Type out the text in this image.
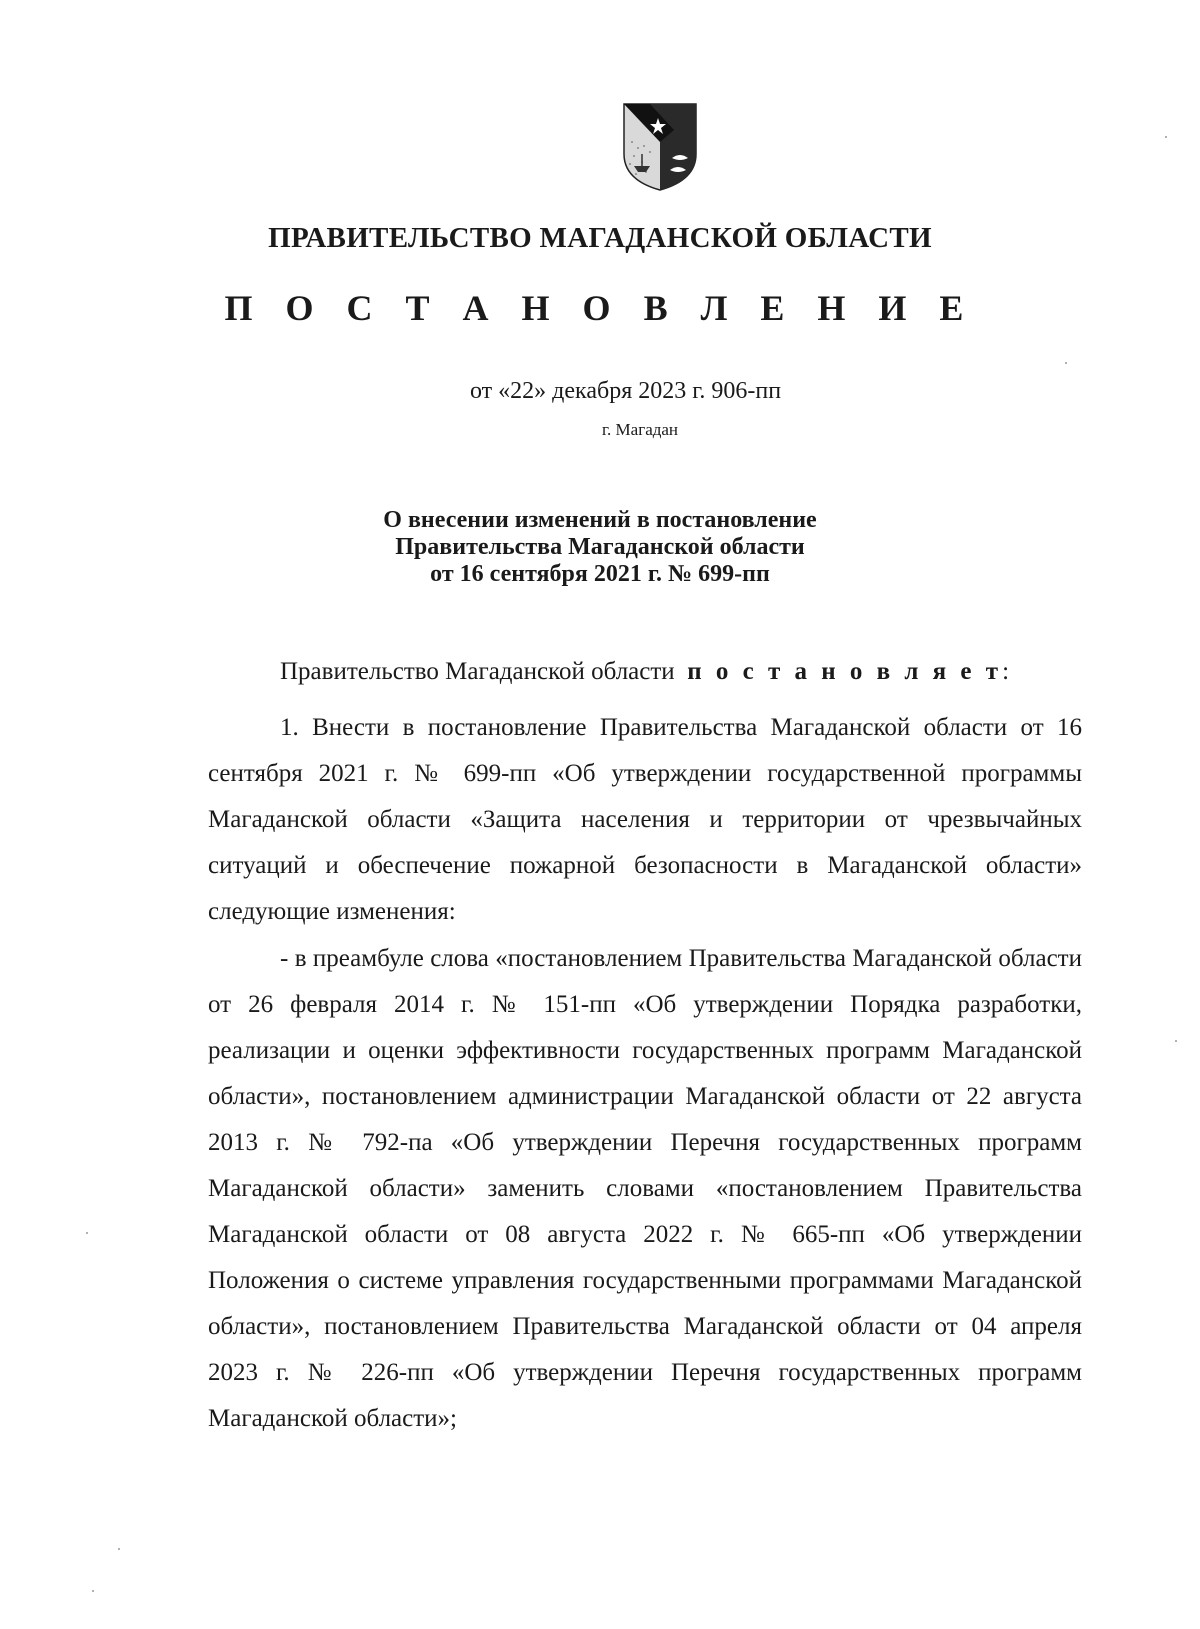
ПРАВИТЕЛЬСТВО МАГАДАНСКОЙ ОБЛАСТИ
П О С Т А Н О В Л Е Н И Е
от «22» декабря 2023 г. 906-пп
г. Магадан
О внесении изменений в постановление
Правительства Магаданской области
от 16 сентября 2021 г. № 699-пп
Правительство Магаданской области п о с т а н о в л я е т:

1. Внести в постановление Правительства Магаданской области от 16 сентября 2021 г. № 699-пп «Об утверждении государственной программы Магаданской области «Защита населения и территории от чрезвычайных ситуаций и обеспечение пожарной безопасности в Магаданской области» следующие изменения:

- в преамбуле слова «постановлением Правительства Магаданской области от 26 февраля 2014 г. № 151-пп «Об утверждении Порядка разработки, реализации и оценки эффективности государственных программ Магаданской области», постановлением администрации Магаданской области от 22 августа 2013 г. № 792-па «Об утверждении Перечня государственных программ Магаданской области» заменить словами «постановлением Правительства Магаданской области от 08 августа 2022 г. № 665-пп «Об утверждении Положения о системе управления государственными программами Магаданской области», постановлением Правительства Магаданской области от 04 апреля 2023 г. № 226-пп «Об утверждении Перечня государственных программ Магаданской области»;
